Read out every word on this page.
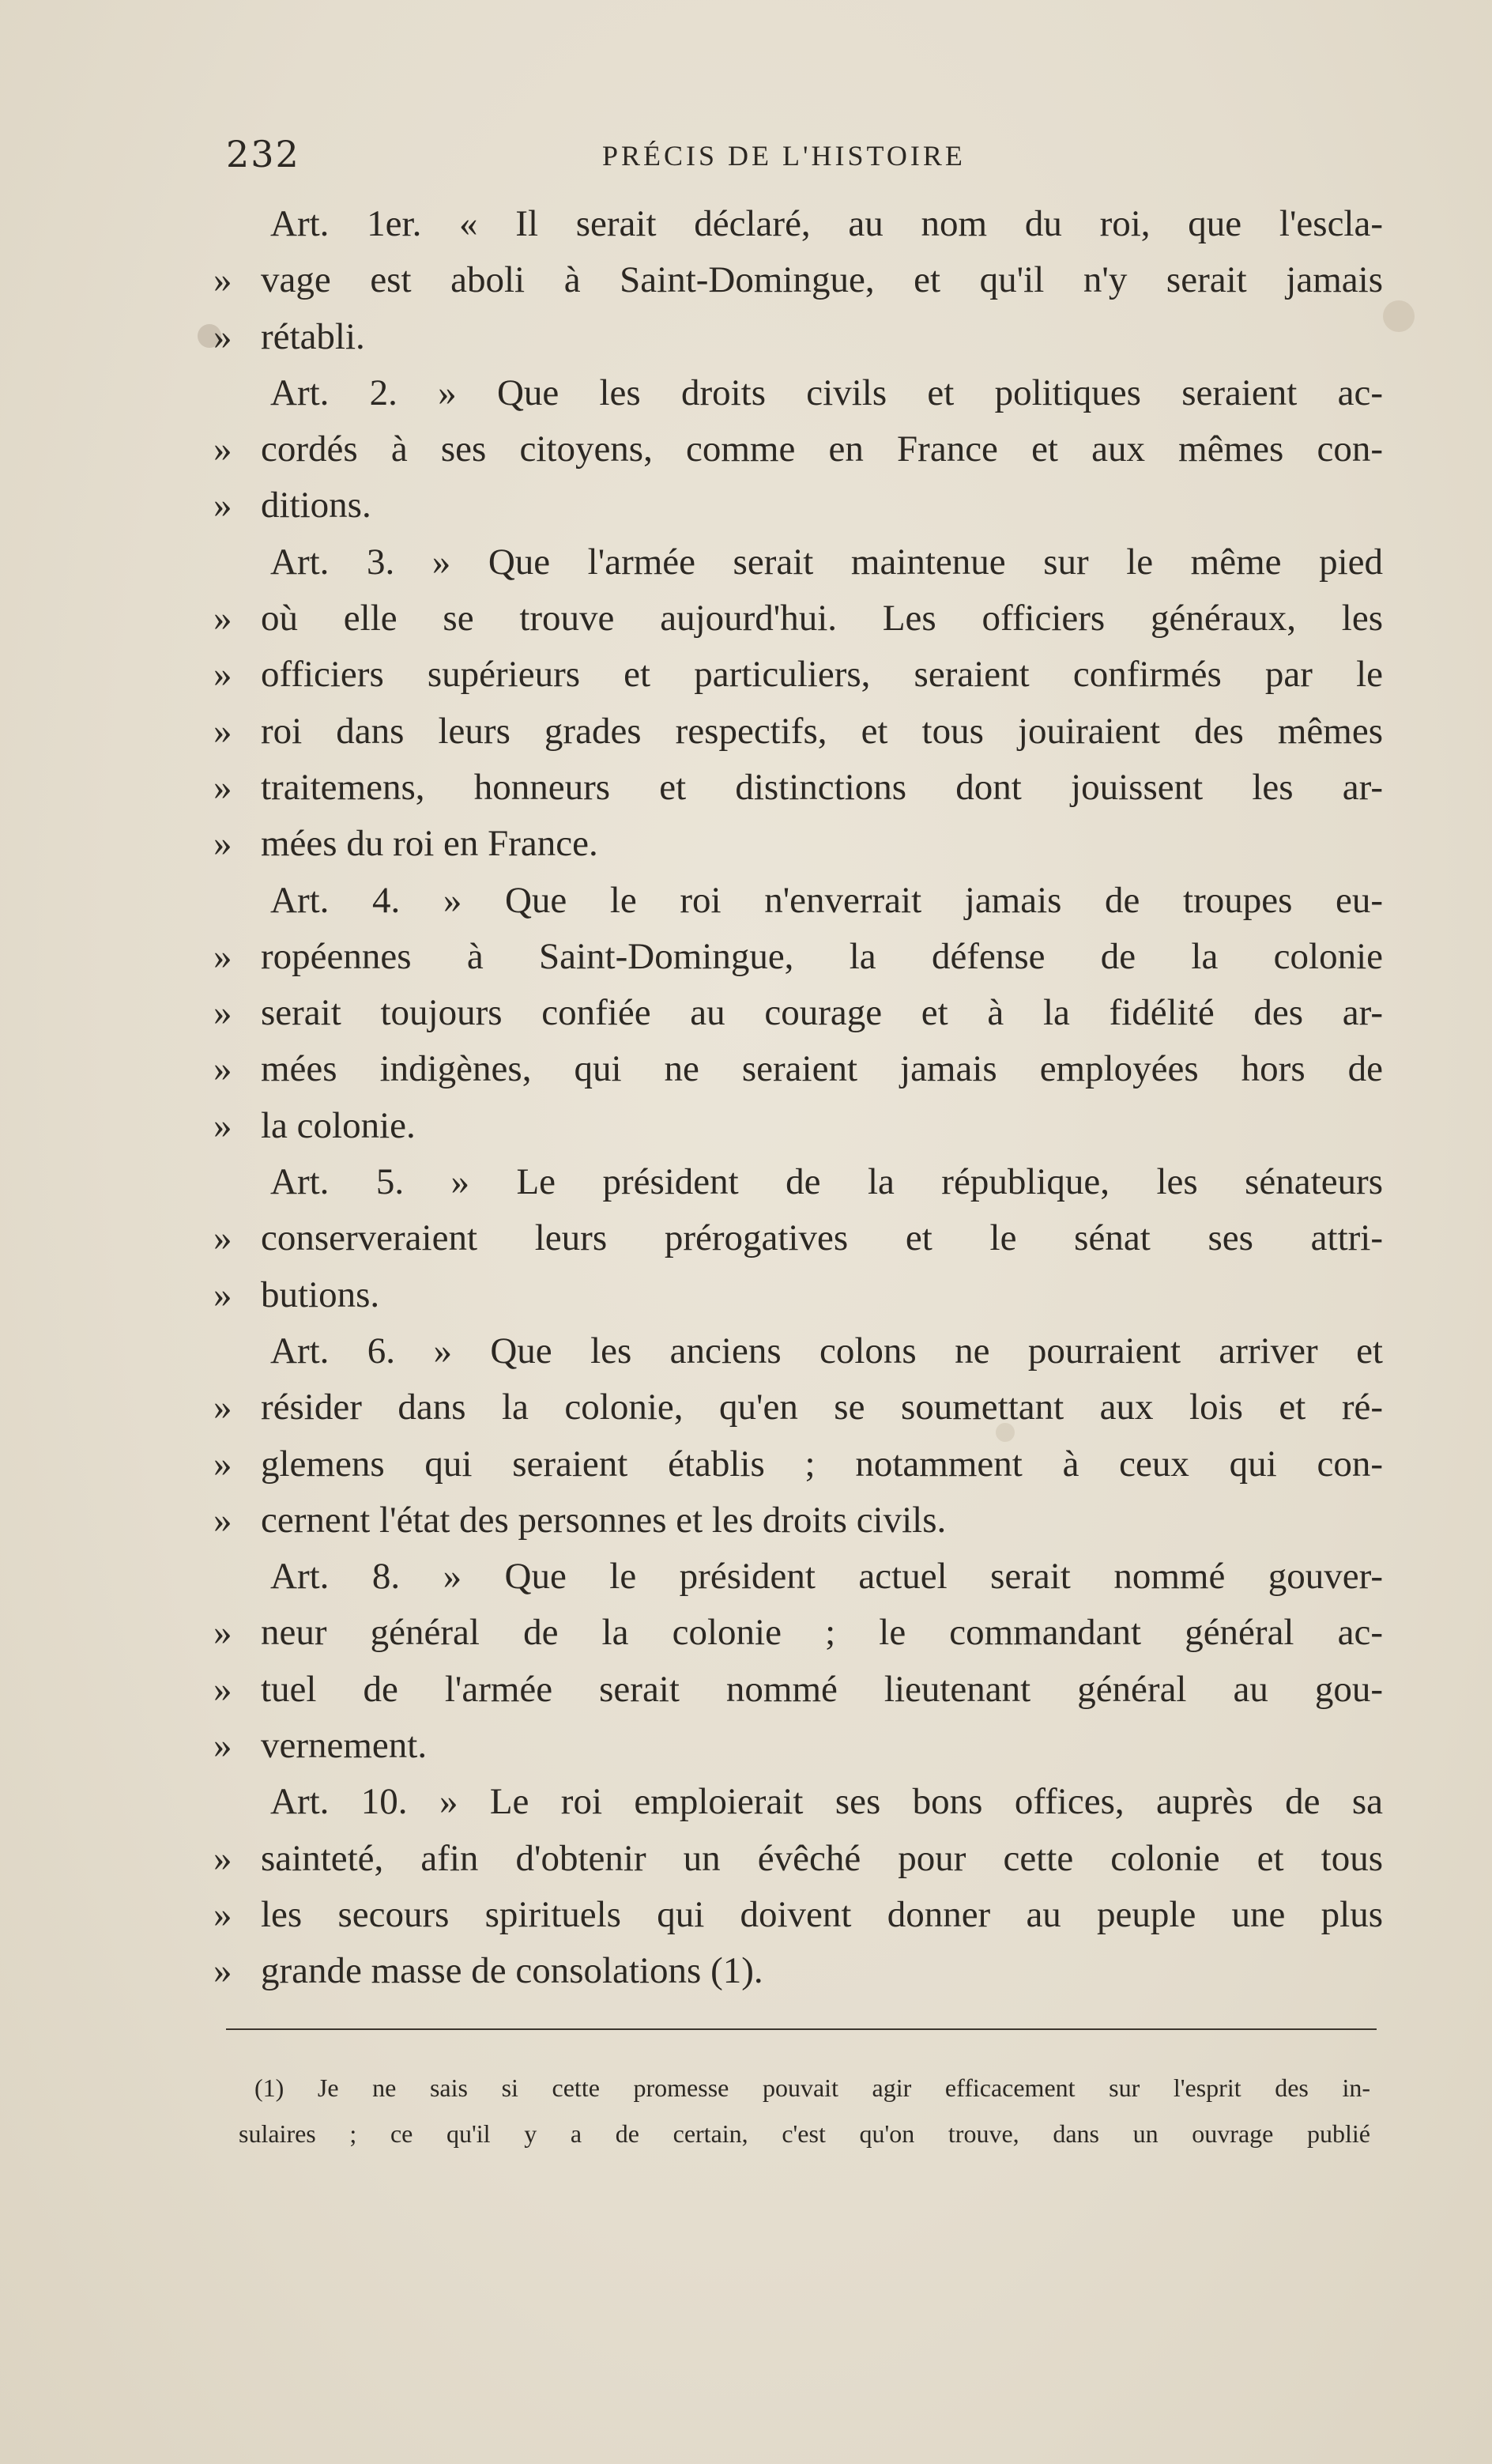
232	PRÉCIS DE L'HISTOIRE
Art. 1er. « Il serait déclaré, au nom du roi, que l'escla-
» vage est aboli à Saint-Domingue, et qu'il n'y serait jamais
» rétabli.
Art. 2. » Que les droits civils et politiques seraient ac-
» cordés à ses citoyens, comme en France et aux mêmes con-
» ditions.
Art. 3. » Que l'armée serait maintenue sur le même pied
» où elle se trouve aujourd'hui. Les officiers généraux, les
» officiers supérieurs et particuliers, seraient confirmés par le
» roi dans leurs grades respectifs, et tous jouiraient des mêmes
» traitemens, honneurs et distinctions dont jouissent les ar-
» mées du roi en France.
Art. 4. » Que le roi n'enverrait jamais de troupes eu-
» ropéennes à Saint-Domingue, la défense de la colonie
» serait toujours confiée au courage et à la fidélité des ar-
» mées indigènes, qui ne seraient jamais employées hors de
» la colonie.
Art. 5. » Le président de la république, les sénateurs
» conserveraient leurs prérogatives et le sénat ses attri-
» butions.
Art. 6. » Que les anciens colons ne pourraient arriver et
» résider dans la colonie, qu'en se soumettant aux lois et ré-
» glemens qui seraient établis ; notamment à ceux qui con-
» cernent l'état des personnes et les droits civils.
Art. 8. » Que le président actuel serait nommé gouver-
» neur général de la colonie ; le commandant général ac-
» tuel de l'armée serait nommé lieutenant général au gou-
» vernement.
Art. 10. » Le roi emploierait ses bons offices, auprès de sa
» sainteté, afin d'obtenir un évêché pour cette colonie et tous
» les secours spirituels qui doivent donner au peuple une plus
» grande masse de consolations (1).
(1) Je ne sais si cette promesse pouvait agir efficacement sur l'esprit des in-
sulaires ; ce qu'il y a de certain, c'est qu'on trouve, dans un ouvrage publié
